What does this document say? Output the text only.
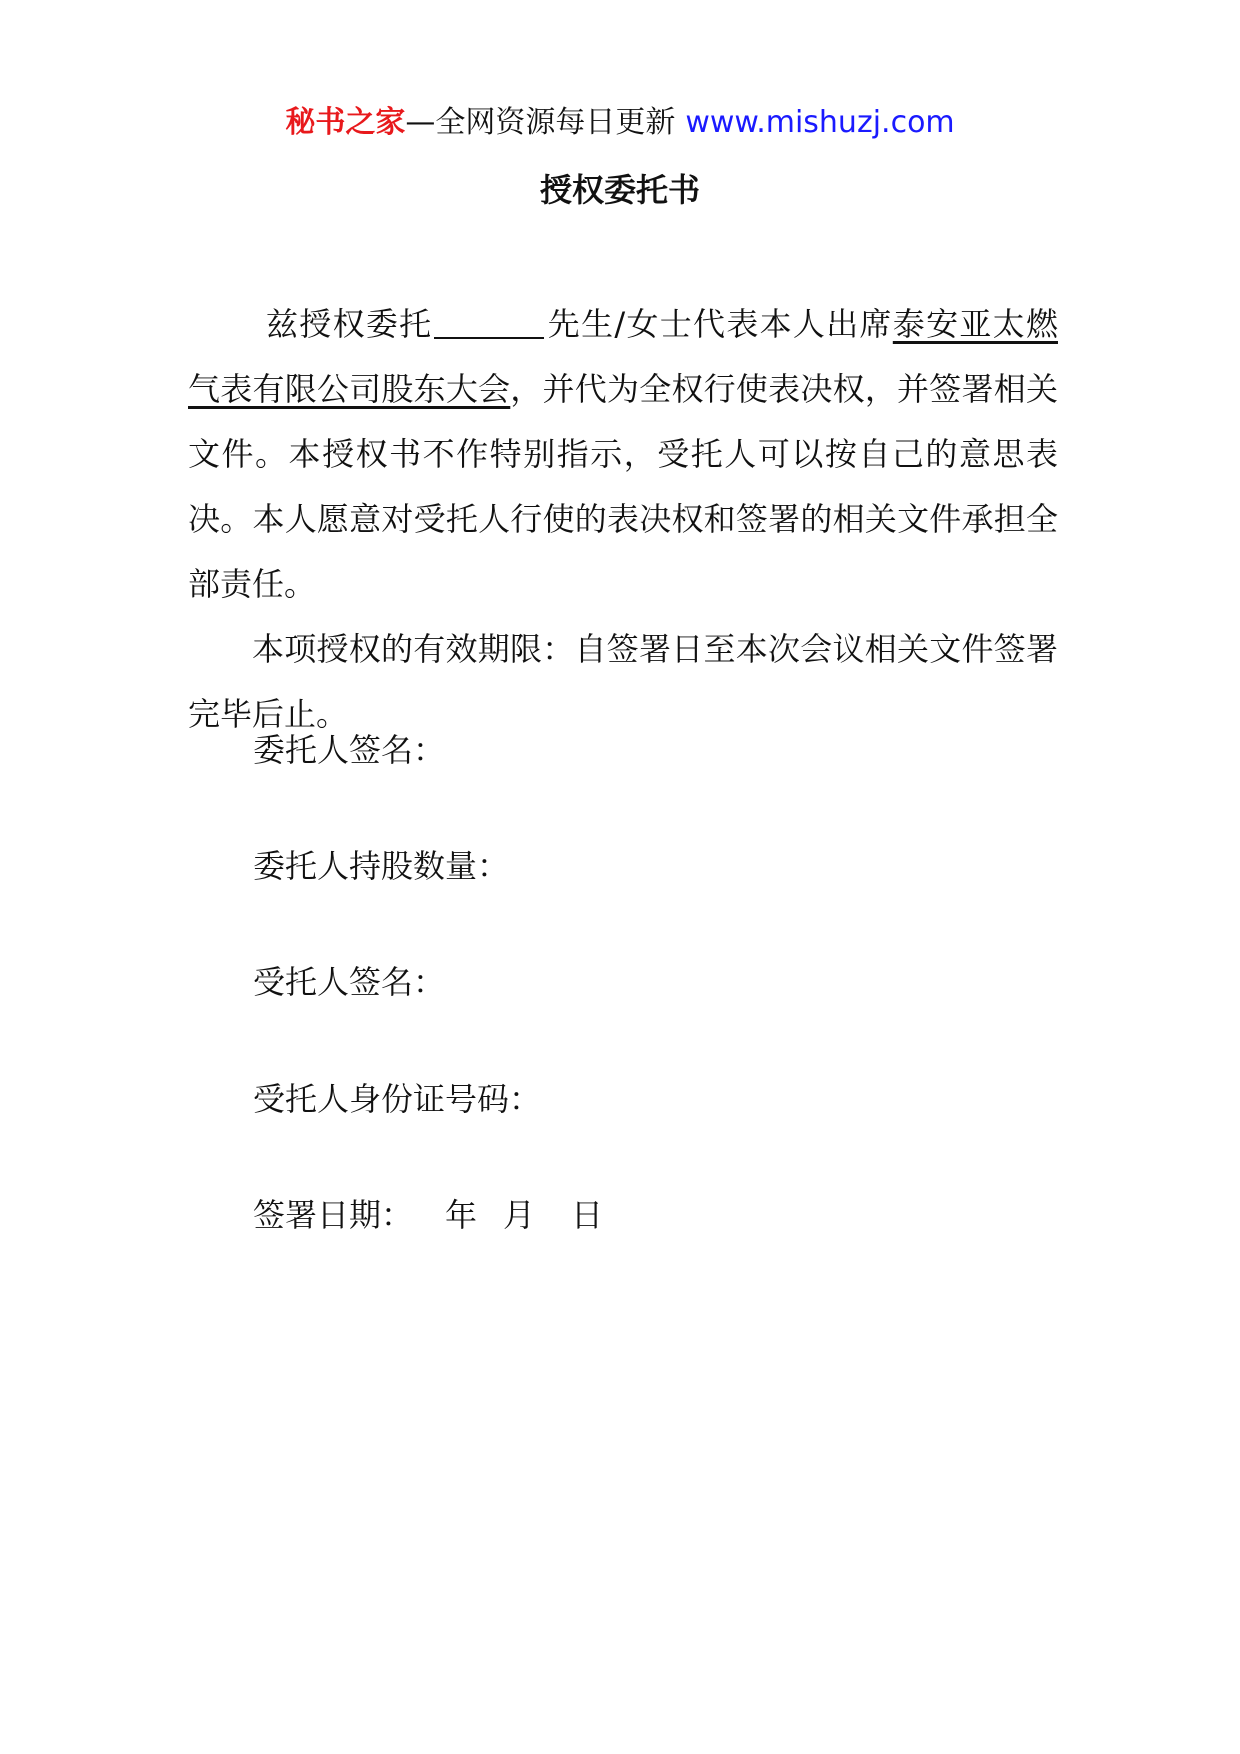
秘书之家—全网资源每日更新 www.mishuzj.com
授权委托书

兹授权委托	先生/女士代表本人出席泰安亚太燃气表有限公司股东大会，并代为全权行使表决权，并签署相关文件。本授权书不作特别指示，受托人可以按自己的意思表决。本人愿意对受托人行使的表决权和签署的相关文件承担全部责任。

本项授权的有效期限：自签署日至本次会议相关文件签署完毕后止。

委托人签名：
委托人持股数量：
受托人签名：
受托人身份证号码：
签署日期： 年 月 日
